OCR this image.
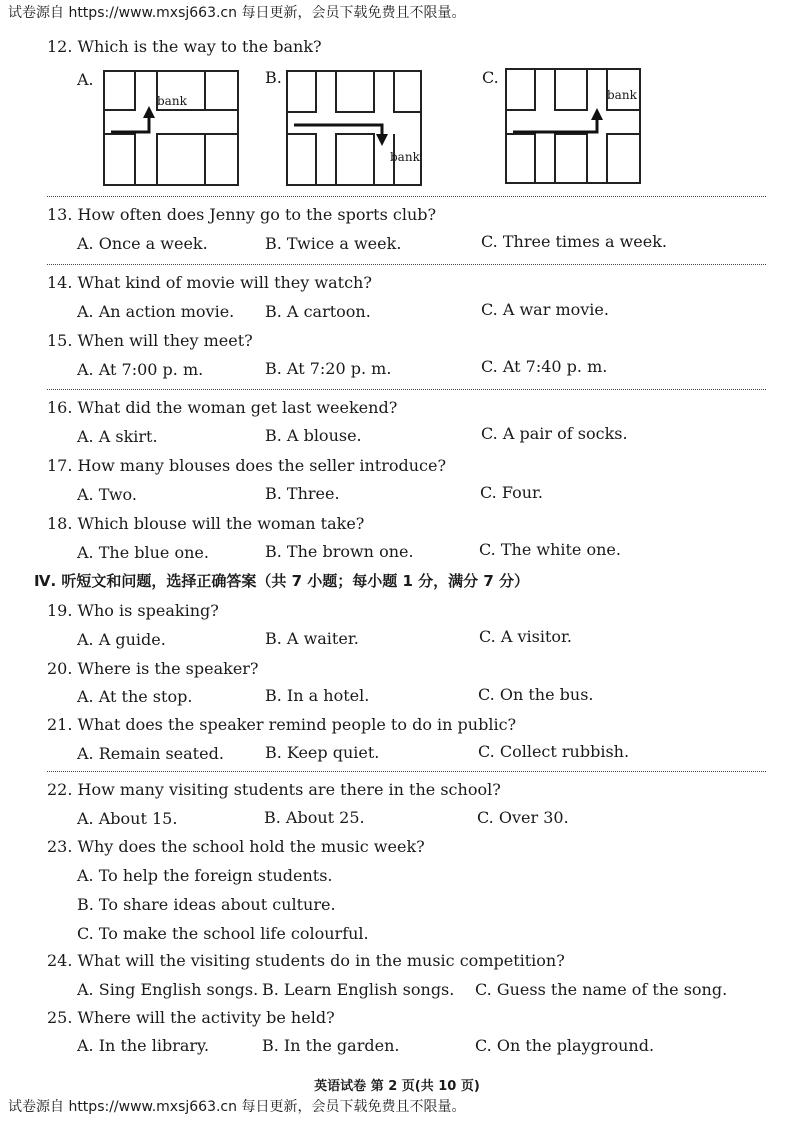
试卷源自 https://www.mxsj663.cn 每日更新，会员下载免费且不限量。
12. Which is the way to the bank?
A.	B.	C.
bank
bank
bank
13. How often does Jenny go to the sports club?
A. Once a week.	B. Twice a week.	C. Three times a week.
14. What kind of movie will they watch?
A. An action movie. B. A cartoon.	C. A war movie.
15. When will they meet?
A. At 7:00 p. m.	B. At 7:20 p. m.	C. At 7:40 p. m.
16. What did the woman get last weekend?
A. A skirt.	B. A blouse.	C. A pair of socks.
17. How many blouses does the seller introduce?
A. Two.	B. Three.	C. Four.
18. Which blouse will the woman take?
A. The blue one.	B. The brown one.	C. The white one.
Ⅳ. 听短文和问题，选择正确答案（共 7 小题；每小题 1 分，满分 7 分）
19. Who is speaking?
A. A guide.	B. A waiter.	C. A visitor.
20. Where is the speaker?
A. At the stop.	B. In a hotel.	C. On the bus.
21. What does the speaker remind people to do in public?
A. Remain seated.	B. Keep quiet.	C. Collect rubbish.
22. How many visiting students are there in the school?
A. About 15.	B. About 25.	C. Over 30.
23. Why does the school hold the music week?
A. To help the foreign students.
B. To share ideas about culture.
C. To make the school life colourful.
24. What will the visiting students do in the music competition?
A. Sing English songs. B. Learn English songs. C. Guess the name of the song.
25. Where will the activity be held?
A. In the library.	B. In the garden.	C. On the playground.
英语试卷 第 2 页(共 10 页)
试卷源自 https://www.mxsj663.cn 每日更新，会员下载免费且不限量。
